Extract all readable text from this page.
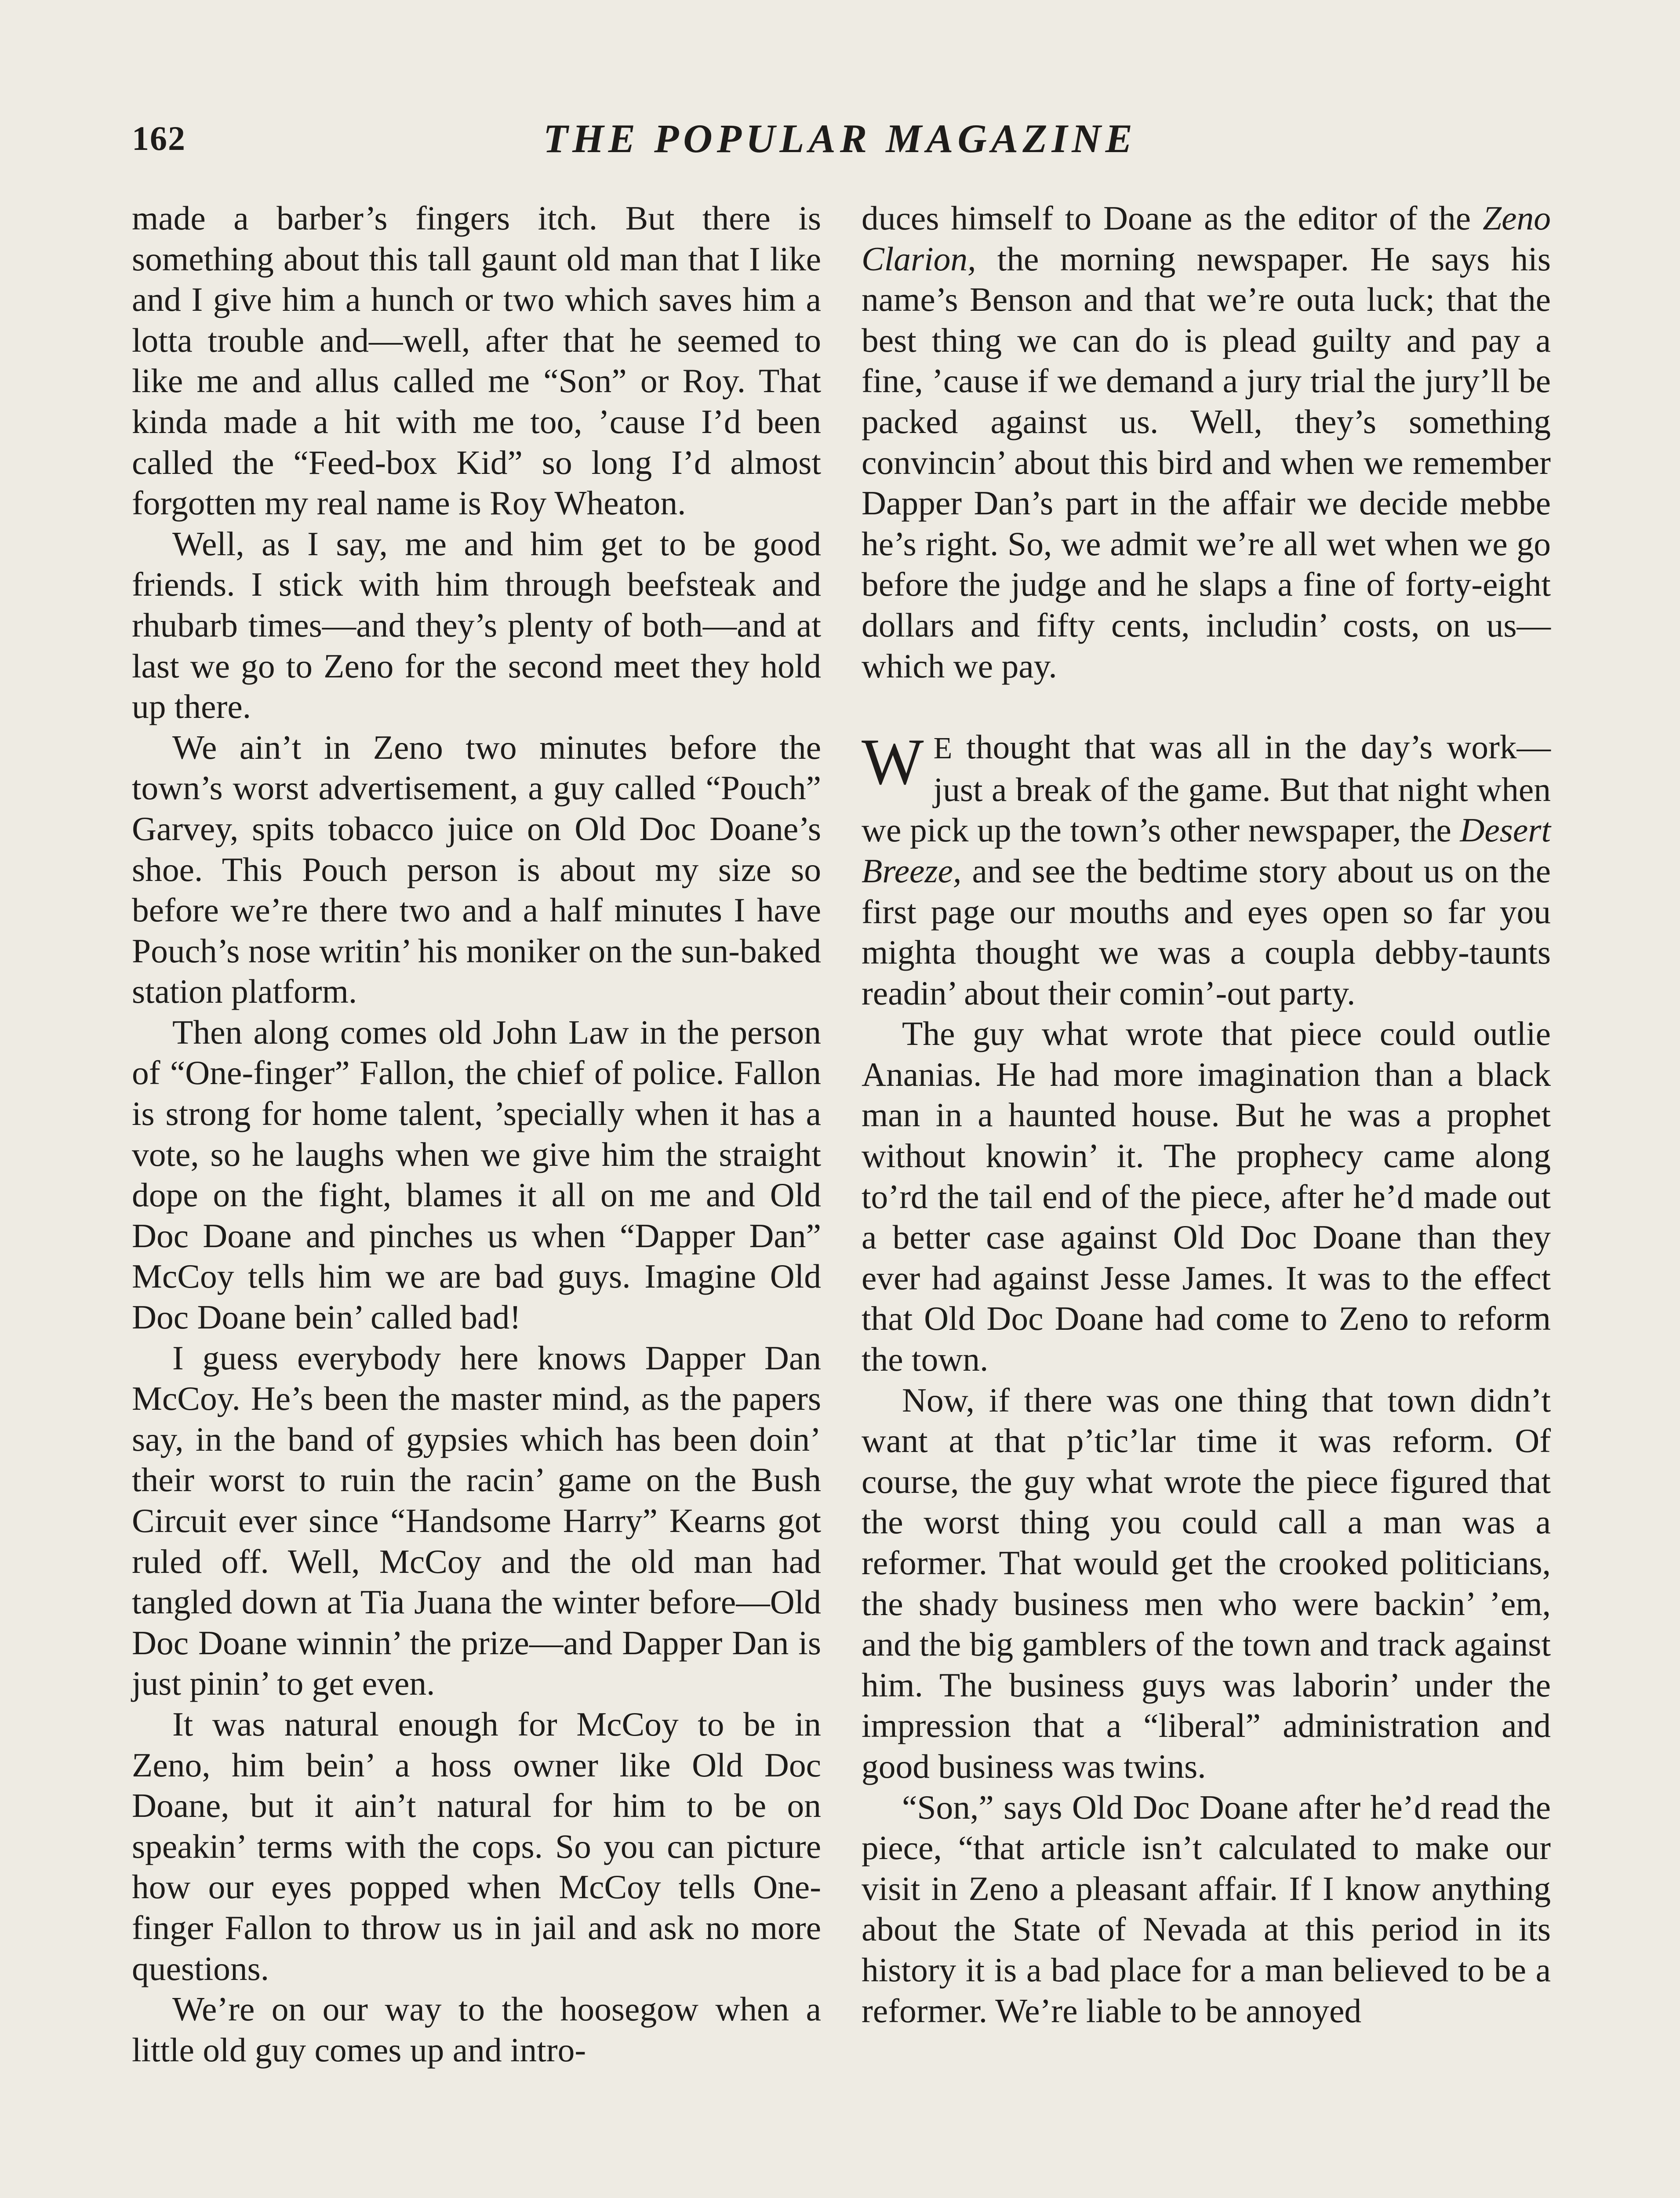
162	THE POPULAR MAGAZINE

made a barber’s fingers itch. But there is something about this tall gaunt old man that I like and I give him a hunch or two which saves him a lotta trouble and—well, after that he seemed to like me and allus called me “Son” or Roy. That kinda made a hit with me too, ’cause I’d been called the “Feed-box Kid” so long I’d almost forgotten my real name is Roy Wheaton.

Well, as I say, me and him get to be good friends. I stick with him through beefsteak and rhubarb times—and they’s plenty of both—and at last we go to Zeno for the second meet they hold up there.

We ain’t in Zeno two minutes before the town’s worst advertisement, a guy called “Pouch” Garvey, spits tobacco juice on Old Doc Doane’s shoe. This Pouch person is about my size so before we’re there two and a half minutes I have Pouch’s nose writin’ his moniker on the sun-baked station platform.

Then along comes old John Law in the person of “One-finger” Fallon, the chief of police. Fallon is strong for home talent, ’specially when it has a vote, so he laughs when we give him the straight dope on the fight, blames it all on me and Old Doc Doane and pinches us when “Dapper Dan” McCoy tells him we are bad guys. Imagine Old Doc Doane bein’ called bad!

I guess everybody here knows Dapper Dan McCoy. He’s been the master mind, as the papers say, in the band of gypsies which has been doin’ their worst to ruin the racin’ game on the Bush Circuit ever since “Handsome Harry” Kearns got ruled off. Well, McCoy and the old man had tangled down at Tia Juana the winter before—Old Doc Doane winnin’ the prize—and Dapper Dan is just pinin’ to get even.

It was natural enough for McCoy to be in Zeno, him bein’ a hoss owner like Old Doc Doane, but it ain’t natural for him to be on speakin’ terms with the cops. So you can picture how our eyes popped when McCoy tells One-finger Fallon to throw us in jail and ask no more questions.

We’re on our way to the hoosegow when a little old guy comes up and intro-

duces himself to Doane as the editor of the Zeno Clarion, the morning newspaper. He says his name’s Benson and that we’re outa luck; that the best thing we can do is plead guilty and pay a fine, ’cause if we demand a jury trial the jury’ll be packed against us. Well, they’s something convincin’ about this bird and when we remember Dapper Dan’s part in the affair we decide mebbe he’s right. So, we admit we’re all wet when we go before the judge and he slaps a fine of forty-eight dollars and fifty cents, includin’ costs, on us—which we pay.

W E thought that was all in the day’s work—just a break of the game. But that night when we pick up the town’s other newspaper, the Desert Breeze, and see the bedtime story about us on the first page our mouths and eyes open so far you mighta thought we was a coupla debby-taunts readin’ about their comin’-out party.

The guy what wrote that piece could outlie Ananias. He had more imagination than a black man in a haunted house. But he was a prophet without knowin’ it. The prophecy came along to’rd the tail end of the piece, after he’d made out a better case against Old Doc Doane than they ever had against Jesse James. It was to the effect that Old Doc Doane had come to Zeno to reform the town.

Now, if there was one thing that town didn’t want at that p’tic’lar time it was reform. Of course, the guy what wrote the piece figured that the worst thing you could call a man was a reformer. That would get the crooked politicians, the shady business men who were backin’ ’em, and the big gamblers of the town and track against him. The business guys was laborin’ under the impression that a “liberal” administration and good business was twins.

“Son,” says Old Doc Doane after he’d read the piece, “that article isn’t calculated to make our visit in Zeno a pleasant affair. If I know anything about the State of Nevada at this period in its history it is a bad place for a man believed to be a reformer. We’re liable to be annoyed
